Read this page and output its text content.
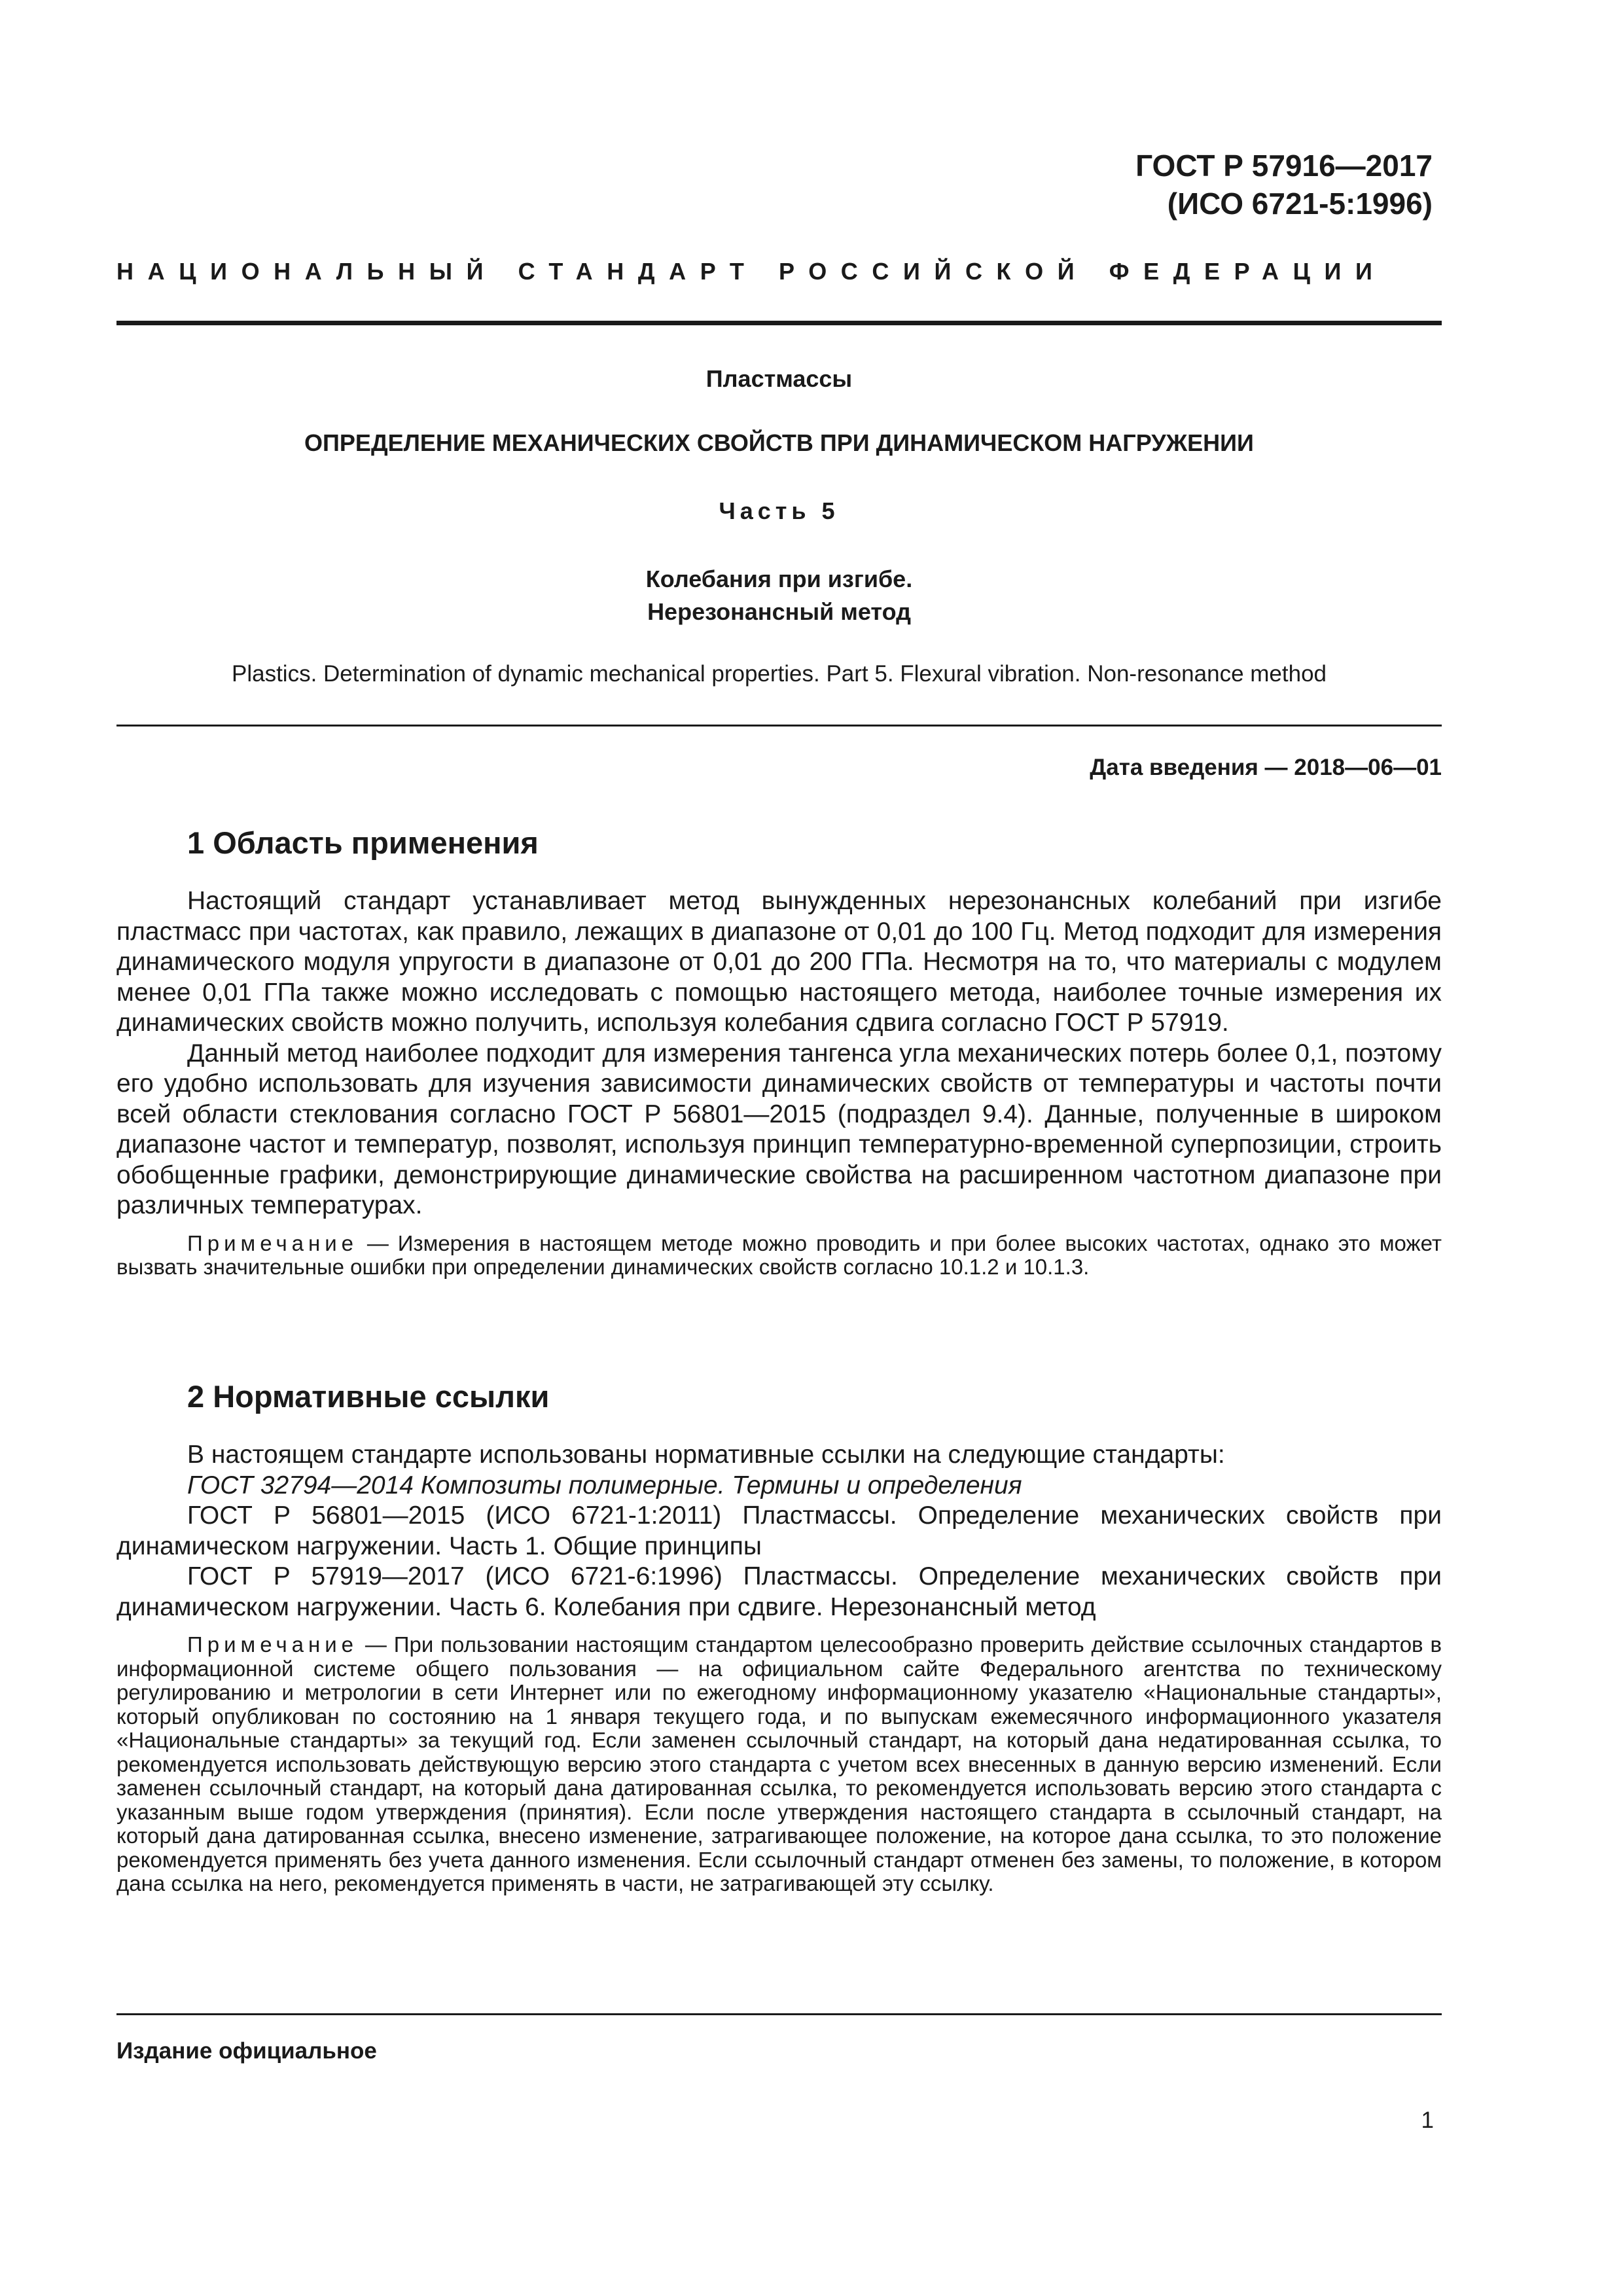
ГОСТ Р 57916—2017
(ИСО 6721-5:1996)
НАЦИОНАЛЬНЫЙ СТАНДАРТ РОССИЙСКОЙ ФЕДЕРАЦИИ
Пластмассы
ОПРЕДЕЛЕНИЕ МЕХАНИЧЕСКИХ СВОЙСТВ ПРИ ДИНАМИЧЕСКОМ НАГРУЖЕНИИ
Часть 5
Колебания при изгибе.
Нерезонансный метод
Plastics. Determination of dynamic mechanical properties. Part 5. Flexural vibration. Non-resonance method
Дата введения — 2018—06—01
1 Область применения

Настоящий стандарт устанавливает метод вынужденных нерезонансных колебаний при изгибе пластмасс при частотах, как правило, лежащих в диапазоне от 0,01 до 100 Гц. Метод подходит для измерения динамического модуля упругости в диапазоне от 0,01 до 200 ГПа. Несмотря на то, что материалы с модулем менее 0,01 ГПа также можно исследовать с помощью настоящего метода, наиболее точные измерения их динамических свойств можно получить, используя колебания сдвига согласно ГОСТ Р 57919.

Данный метод наиболее подходит для измерения тангенса угла механических потерь более 0,1, поэтому его удобно использовать для изучения зависимости динамических свойств от температуры и частоты почти всей области стеклования согласно ГОСТ Р 56801—2015 (подраздел 9.4). Данные, полученные в широком диапазоне частот и температур, позволят, используя принцип температурно-временной суперпозиции, строить обобщенные графики, демонстрирующие динамические свойства на расширенном частотном диапазоне при различных температурах.

Примечание — Измерения в настоящем методе можно проводить и при более высоких частотах, однако это может вызвать значительные ошибки при определении динамических свойств согласно 10.1.2 и 10.1.3.

2 Нормативные ссылки

В настоящем стандарте использованы нормативные ссылки на следующие стандарты:

ГОСТ 32794—2014 Композиты полимерные. Термины и определения

ГОСТ Р 56801—2015 (ИСО 6721-1:2011) Пластмассы. Определение механических свойств при динамическом нагружении. Часть 1. Общие принципы

ГОСТ Р 57919—2017 (ИСО 6721-6:1996) Пластмассы. Определение механических свойств при динамическом нагружении. Часть 6. Колебания при сдвиге. Нерезонансный метод

Примечание — При пользовании настоящим стандартом целесообразно проверить действие ссылочных стандартов в информационной системе общего пользования — на официальном сайте Федерального агентства по техническому регулированию и метрологии в сети Интернет или по ежегодному информационному указателю «Национальные стандарты», который опубликован по состоянию на 1 января текущего года, и по выпускам ежемесячного информационного указателя «Национальные стандарты» за текущий год. Если заменен ссылочный стандарт, на который дана недатированная ссылка, то рекомендуется использовать действующую версию этого стандарта с учетом всех внесенных в данную версию изменений. Если заменен ссылочный стандарт, на который дана датированная ссылка, то рекомендуется использовать версию этого стандарта с указанным выше годом утверждения (принятия). Если после утверждения настоящего стандарта в ссылочный стандарт, на который дана датированная ссылка, внесено изменение, затрагивающее положение, на которое дана ссылка, то это положение рекомендуется применять без учета данного изменения. Если ссылочный стандарт отменен без замены, то положение, в котором дана ссылка на него, рекомендуется применять в части, не затрагивающей эту ссылку.

Издание официальное
1
